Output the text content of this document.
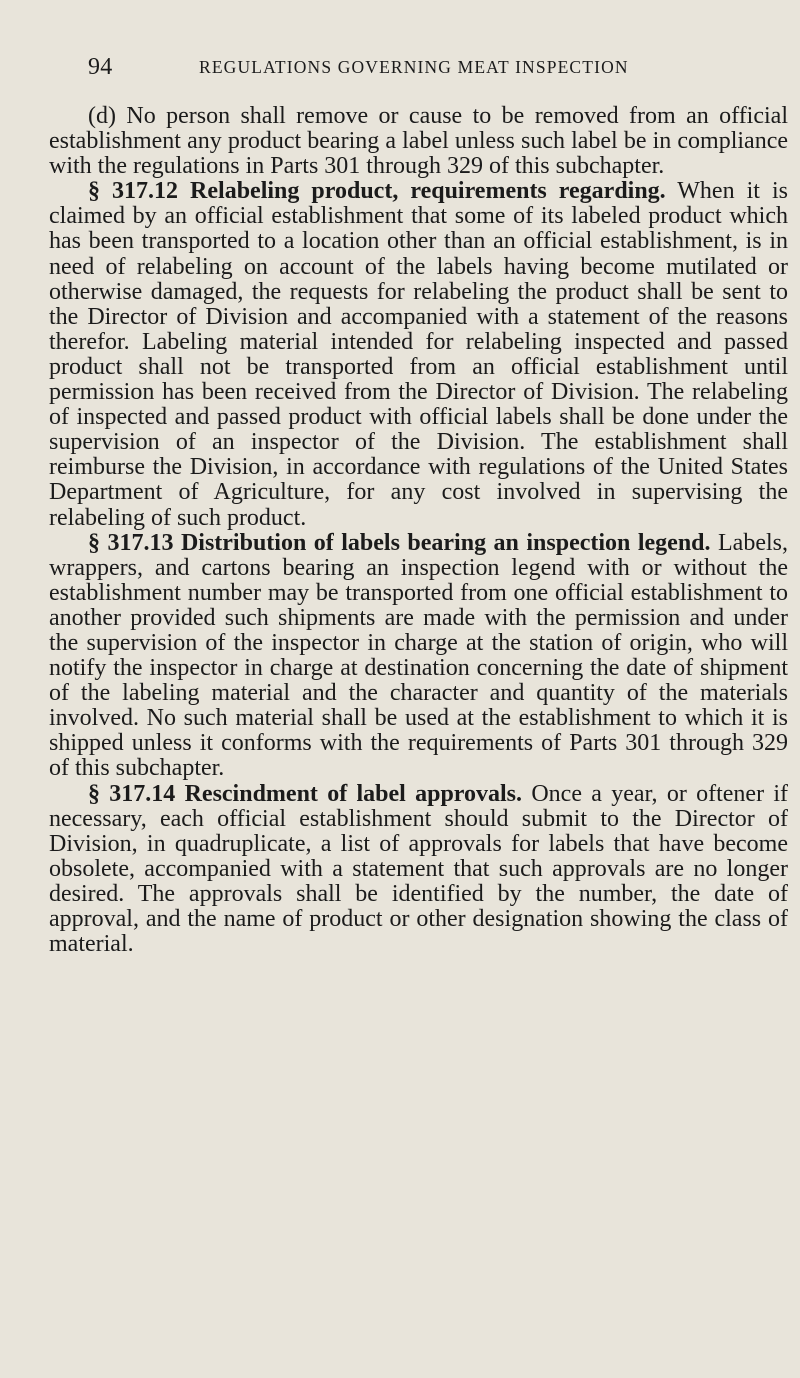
94	REGULATIONS GOVERNING MEAT INSPECTION

(d) No person shall remove or cause to be removed from an official establishment any product bearing a label unless such label be in compliance with the regulations in Parts 301 through 329 of this subchapter.

§ 317.12 Relabeling product, requirements regarding. When it is claimed by an official establishment that some of its labeled product which has been transported to a location other than an official establishment, is in need of relabeling on account of the labels having become mutilated or otherwise damaged, the requests for relabeling the product shall be sent to the Director of Division and accompanied with a statement of the reasons therefor. Labeling material intended for relabeling inspected and passed product shall not be transported from an official establishment until permission has been received from the Director of Division. The relabeling of inspected and passed product with official labels shall be done under the supervision of an inspector of the Division. The establishment shall reimburse the Division, in accordance with regulations of the United States Department of Agriculture, for any cost involved in supervising the relabeling of such product.

§ 317.13 Distribution of labels bearing an inspection legend. Labels, wrappers, and cartons bearing an inspection legend with or without the establishment number may be transported from one official establishment to another provided such shipments are made with the permission and under the supervision of the inspector in charge at the station of origin, who will notify the inspector in charge at destination concerning the date of shipment of the labeling material and the character and quantity of the materials involved. No such material shall be used at the establishment to which it is shipped unless it conforms with the requirements of Parts 301 through 329 of this subchapter.

§ 317.14 Rescindment of label approvals. Once a year, or oftener if necessary, each official establishment should submit to the Director of Division, in quadruplicate, a list of approvals for labels that have become obsolete, accompanied with a statement that such approvals are no longer desired. The approvals shall be identified by the number, the date of approval, and the name of product or other designation showing the class of material.
